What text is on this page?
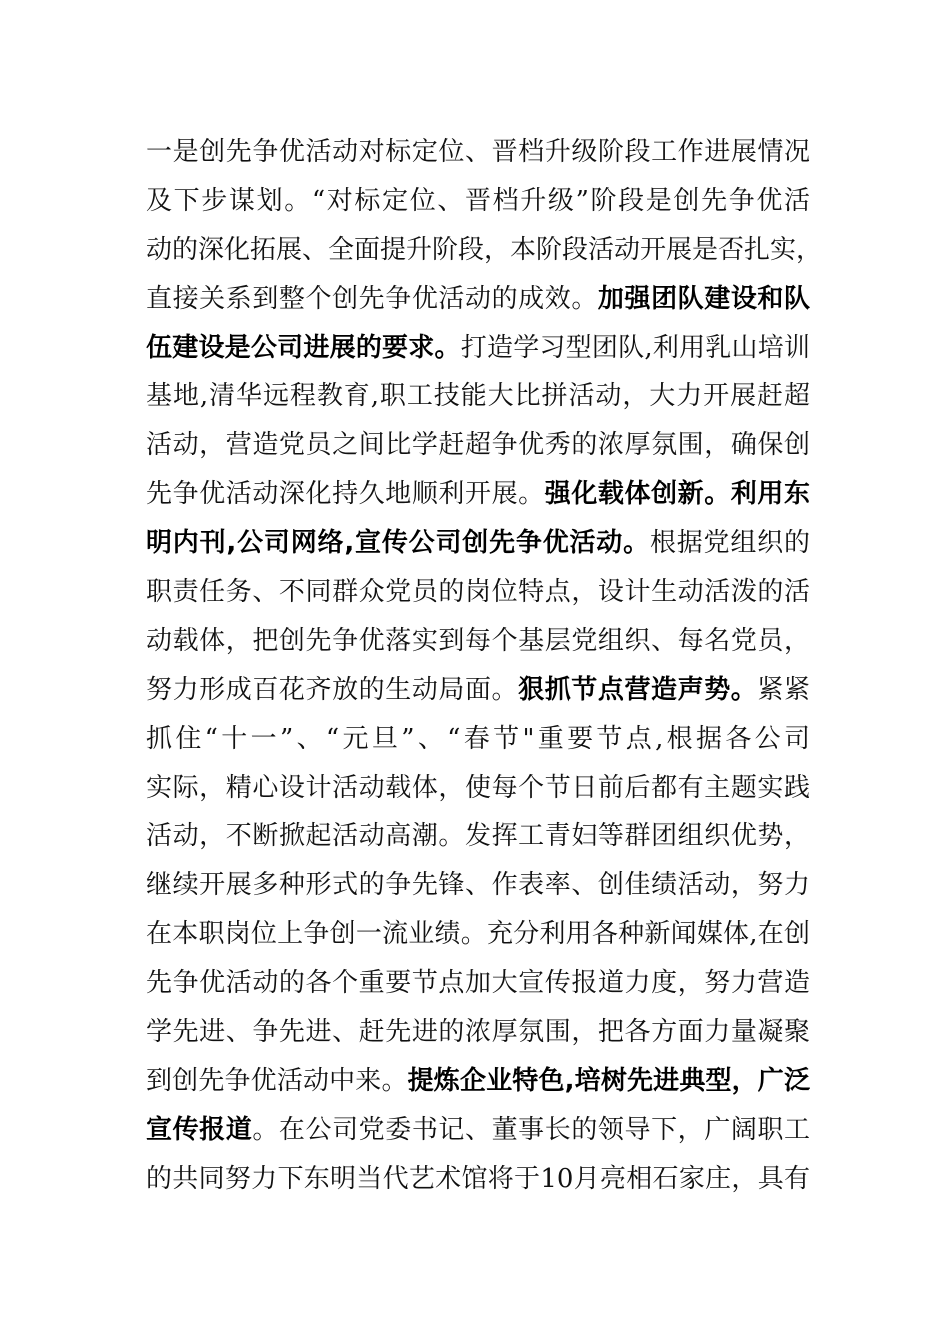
一是创先争优活动对标定位、晋档升级阶段工作进展情况
及下步谋划。“对标定位、晋档升级”阶段是创先争优活
动的深化拓展、全面提升阶段，本阶段活动开展是否扎实，
直接关系到整个创先争优活动的成效。加强团队建设和队
伍建设是公司进展的要求。打造学习型团队,利用乳山培训
基地,清华远程教育,职工技能大比拼活动，大力开展赶超
活动，营造党员之间比学赶超争优秀的浓厚氛围，确保创
先争优活动深化持久地顺利开展。强化载体创新。利用东
明内刊,公司网络,宣传公司创先争优活动。根据党组织的
职责任务、不同群众党员的岗位特点，设计生动活泼的活
动载体，把创先争优落实到每个基层党组织、每名党员，
努力形成百花齐放的生动局面。狠抓节点营造声势。紧紧
抓住“十一”、“元旦”、“春节"重要节点,根据各公司
实际，精心设计活动载体，使每个节日前后都有主题实践
活动，不断掀起活动高潮。发挥工青妇等群团组织优势，
继续开展多种形式的争先锋、作表率、创佳绩活动，努力
在本职岗位上争创一流业绩。充分利用各种新闻媒体,在创
先争优活动的各个重要节点加大宣传报道力度，努力营造
学先进、争先进、赶先进的浓厚氛围，把各方面力量凝聚
到创先争优活动中来。提炼企业特色,培树先进典型，广泛
宣传报道。在公司党委书记、董事长的领导下，广阔职工
的共同努力下东明当代艺术馆将于10月亮相石家庄，具有
